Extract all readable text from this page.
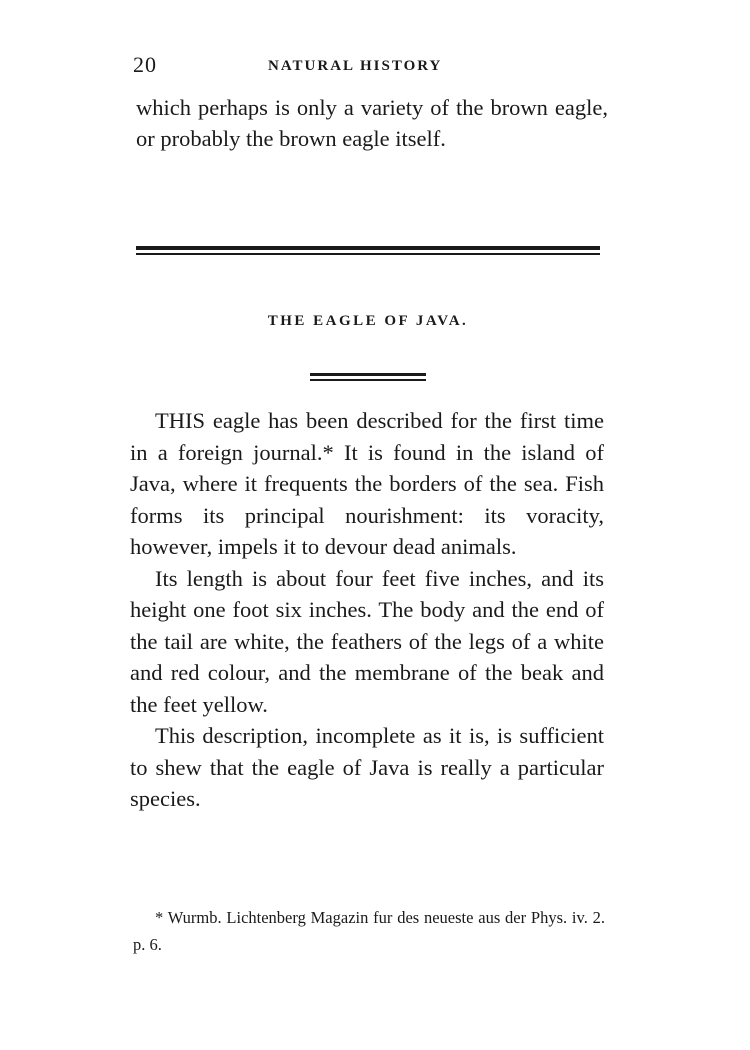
20	NATURAL HISTORY
which perhaps is only a variety of the brown eagle, or probably the brown eagle itself.
THE EAGLE OF JAVA.

THIS eagle has been described for the first time in a foreign journal.* It is found in the island of Java, where it frequents the borders of the sea. Fish forms its principal nourishment: its voracity, however, impels it to devour dead animals.

Its length is about four feet five inches, and its height one foot six inches. The body and the end of the tail are white, the feathers of the legs of a white and red colour, and the membrane of the beak and the feet yellow.

This description, incomplete as it is, is sufficient to shew that the eagle of Java is really a particular species.

* Wurmb. Lichtenberg Magazin fur des neueste aus der Phys. iv. 2. p. 6.
